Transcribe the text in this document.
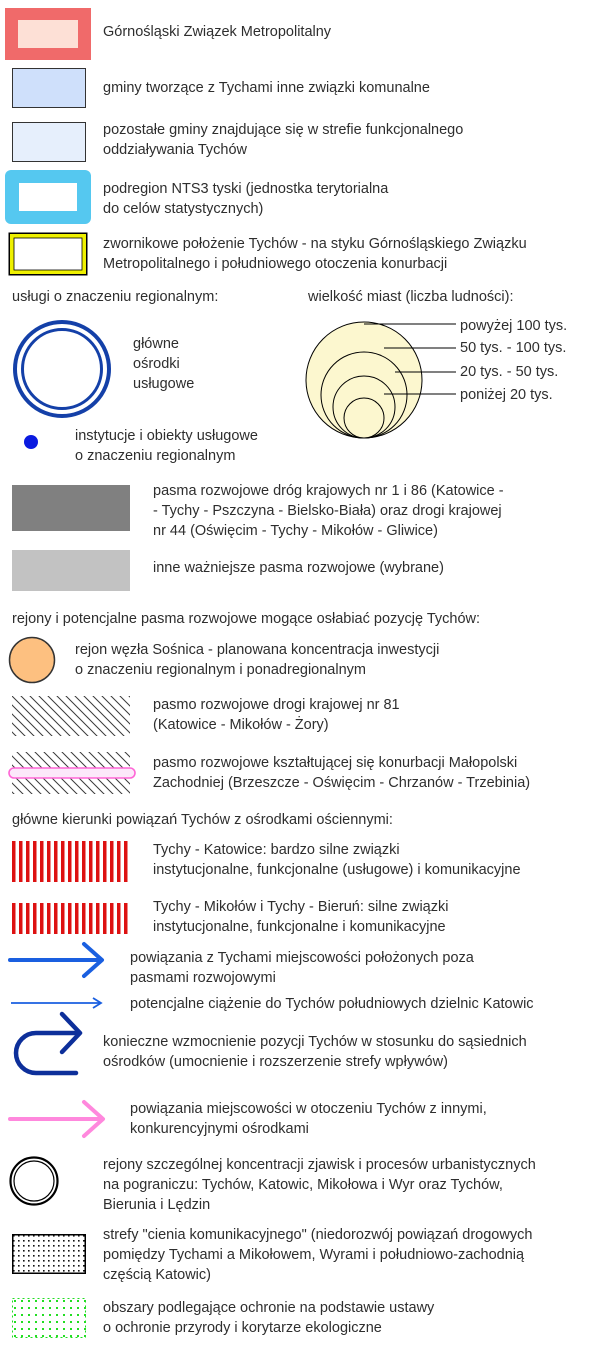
Górnośląski Związek Metropolitalny
gminy tworzące z Tychami inne związki komunalne
pozostałe gminy znajdujące się w strefie funkcjonalnego
oddziaływania Tychów
podregion NTS3 tyski (jednostka terytorialna
do celów statystycznych)
zwornikowe położenie Tychów - na styku Górnośląskiego Związku
Metropolitalnego i południowego otoczenia konurbacji
usługi o znaczeniu regionalnym:	wielkość miast (liczba ludności):
główne
ośrodki
usługowe
powyżej 100 tys.
50 tys. - 100 tys.
20 tys. - 50 tys.
poniżej 20 tys.
instytucje i obiekty usługowe
o znaczeniu regionalnym
pasma rozwojowe dróg krajowych nr 1 i 86 (Katowice -
- Tychy - Pszczyna - Bielsko-Biała) oraz drogi krajowej
nr 44 (Oświęcim - Tychy - Mikołów - Gliwice)
inne ważniejsze pasma rozwojowe (wybrane)
rejony i potencjalne pasma rozwojowe mogące osłabiać pozycję Tychów:
rejon węzła Sośnica - planowana koncentracja inwestycji
o znaczeniu regionalnym i ponadregionalnym
pasmo rozwojowe drogi krajowej nr 81
(Katowice - Mikołów - Żory)
pasmo rozwojowe kształtującej się konurbacji Małopolski
Zachodniej (Brzeszcze - Oświęcim - Chrzanów - Trzebinia)
główne kierunki powiązań Tychów z ośrodkami ościennymi:
Tychy - Katowice: bardzo silne związki
instytucjonalne, funkcjonalne (usługowe) i komunikacyjne
Tychy - Mikołów i Tychy - Bieruń: silne związki
instytucjonalne, funkcjonalne i komunikacyjne
powiązania z Tychami miejscowości położonych poza
pasmami rozwojowymi
potencjalne ciążenie do Tychów południowych dzielnic Katowic
konieczne wzmocnienie pozycji Tychów w stosunku do sąsiednich
ośrodków (umocnienie i rozszerzenie strefy wpływów)
powiązania miejscowości w otoczeniu Tychów z innymi,
konkurencyjnymi ośrodkami
rejony szczególnej koncentracji zjawisk i procesów urbanistycznych
na pograniczu: Tychów, Katowic, Mikołowa i Wyr oraz Tychów,
Bierunia i Lędzin
strefy "cienia komunikacyjnego" (niedorozwój powiązań drogowych
pomiędzy Tychami a Mikołowem, Wyrami i południowo-zachodnią
częścią Katowic)
obszary podlegające ochronie na podstawie ustawy
o ochronie przyrody i korytarze ekologiczne
